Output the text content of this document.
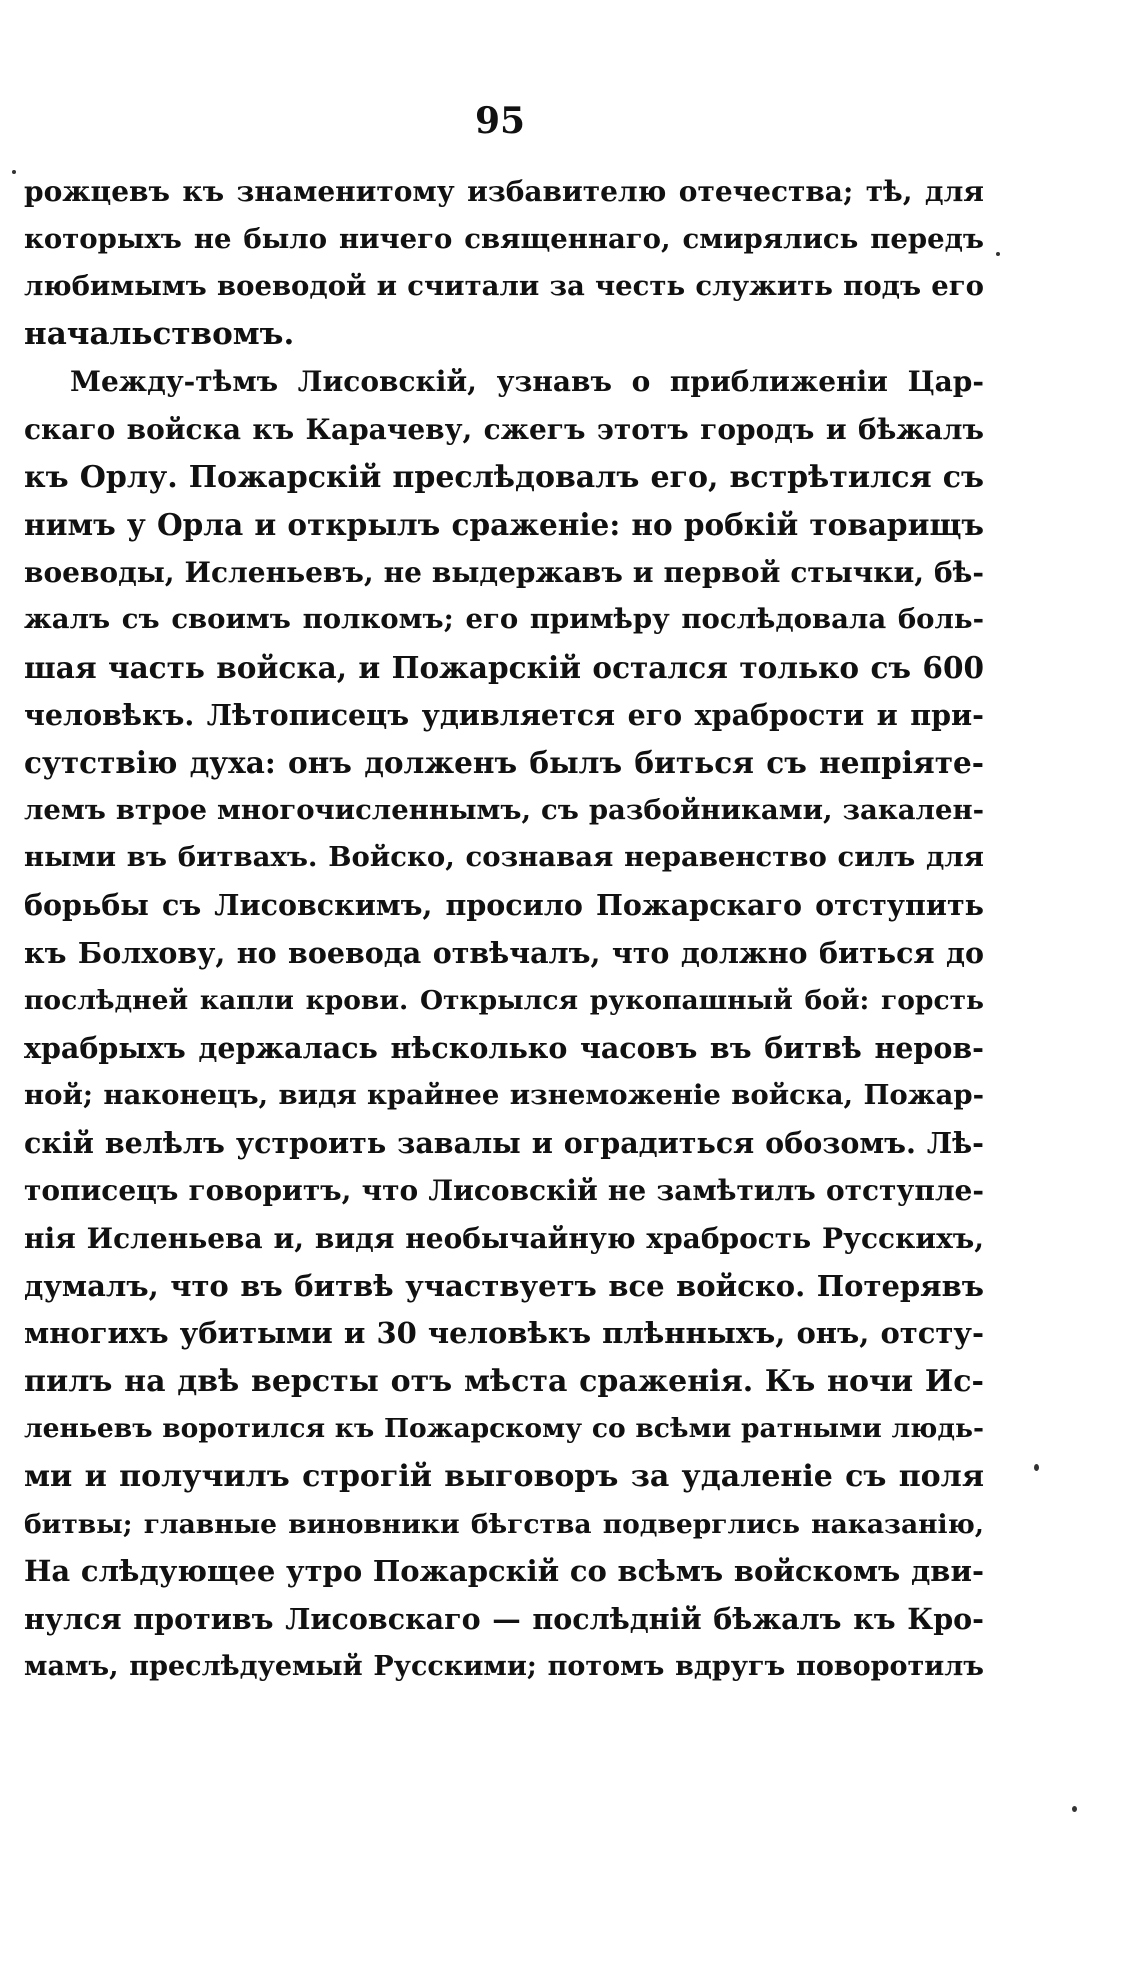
95
рожцевъ къ знаменитому избавителю отечества; тѣ, для
которыхъ не было ничего священнаго, смирялись передъ
любимымъ воеводой и считали за честь служить подъ его
начальствомъ.
Между-тѣмъ Лисовскій, узнавъ о приближеніи Цар-
скаго войска къ Карачеву, сжегъ этотъ городъ и бѣжалъ
къ Орлу. Пожарскій преслѣдовалъ его, встрѣтился съ
нимъ у Орла и открылъ сраженіе: но робкій товарищъ
воеводы, Исленьевъ, не выдержавъ и первой стычки, бѣ-
жалъ съ своимъ полкомъ; его примѣру послѣдовала боль-
шая часть войска, и Пожарскій остался только съ 600
человѣкъ. Лѣтописецъ удивляется его храбрости и при-
сутствію духа: онъ долженъ былъ биться съ непріяте-
лемъ втрое многочисленнымъ, съ разбойниками, закален-
ными въ битвахъ. Войско, сознавая неравенство силъ для
борьбы съ Лисовскимъ, просило Пожарскаго отступить
къ Болхову, но воевода отвѣчалъ, что должно биться до
послѣдней капли крови. Открылся рукопашный бой: горсть
храбрыхъ держалась нѣсколько часовъ въ битвѣ неров-
ной; наконецъ, видя крайнее изнеможеніе войска, Пожар-
скій велѣлъ устроить завалы и оградиться обозомъ. Лѣ-
тописецъ говоритъ, что Лисовскій не замѣтилъ отступле-
нія Исленьева и, видя необычайную храбрость Русскихъ,
думалъ, что въ битвѣ участвуетъ все войско. Потерявъ
многихъ убитыми и 30 человѣкъ плѣнныхъ, онъ, отсту-
пилъ на двѣ версты отъ мѣста сраженія. Къ ночи Ис-
леньевъ воротился къ Пожарскому со всѣми ратными людь-
ми и получилъ строгій выговоръ за удаленіе съ поля
битвы; главные виновники бѣгства подверглись наказанію,
На слѣдующее утро Пожарскій со всѣмъ войскомъ дви-
нулся противъ Лисовскаго — послѣдній бѣжалъ къ Кро-
мамъ, преслѣдуемый Русскими; потомъ вдругъ поворотилъ
